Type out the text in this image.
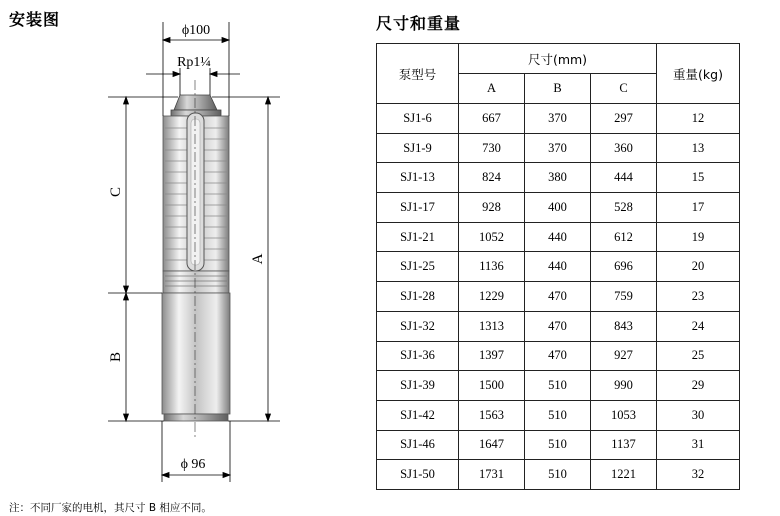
安装图
ϕ100
Rp1¼
C
B
A
ϕ 96
尺寸和重量
泵型号	尺寸(mm)			重量(kg)
	A	B	C	
SJ1-6	667	370	297	12
SJ1-9	730	370	360	13
SJ1-13	824	380	444	15
SJ1-17	928	400	528	17
SJ1-21	1052	440	612	19
SJ1-25	1136	440	696	20
SJ1-28	1229	470	759	23
SJ1-32	1313	470	843	24
SJ1-36	1397	470	927	25
SJ1-39	1500	510	990	29
SJ1-42	1563	510	1053	30
SJ1-46	1647	510	1137	31
SJ1-50	1731	510	1221	32

注：不同厂家的电机，其尺寸 B 相应不同。
